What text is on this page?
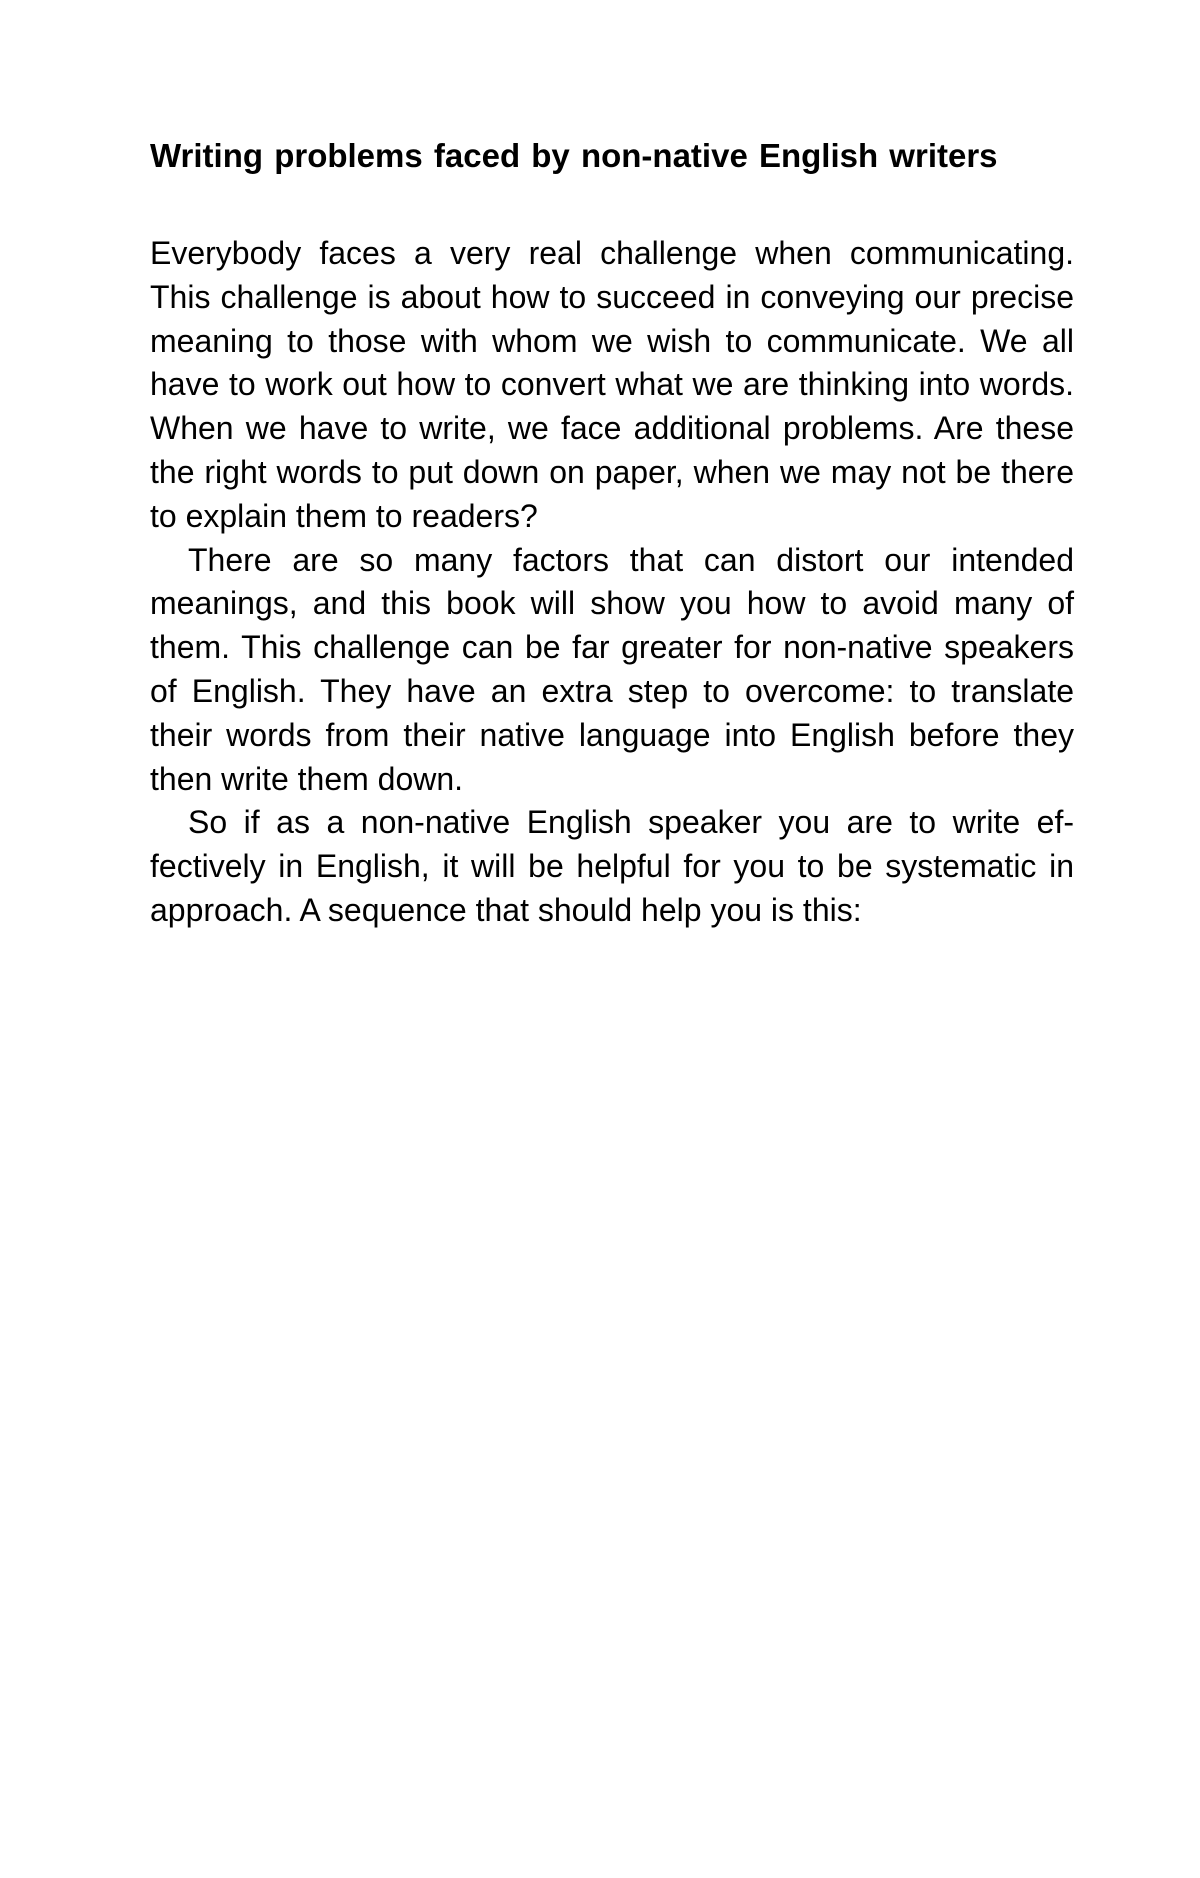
Writing problems faced by non-native English writers

Everybody faces a very real challenge when communicating. This challenge is about how to succeed in conveying our precise meaning to those with whom we wish to communicate. We all have to work out how to convert what we are thinking into words. When we have to write, we face additional problems. Are these the right words to put down on paper, when we may not be there to explain them to readers?

There are so many factors that can distort our intended meanings, and this book will show you how to avoid many of them. This challenge can be far greater for non-native speakers of English. They have an extra step to overcome: to translate their words from their native language into English before they then write them down.

So if as a non-native English speaker you are to write ef- fectively in English, it will be helpful for you to be systematic in approach. A sequence that should help you is this:
